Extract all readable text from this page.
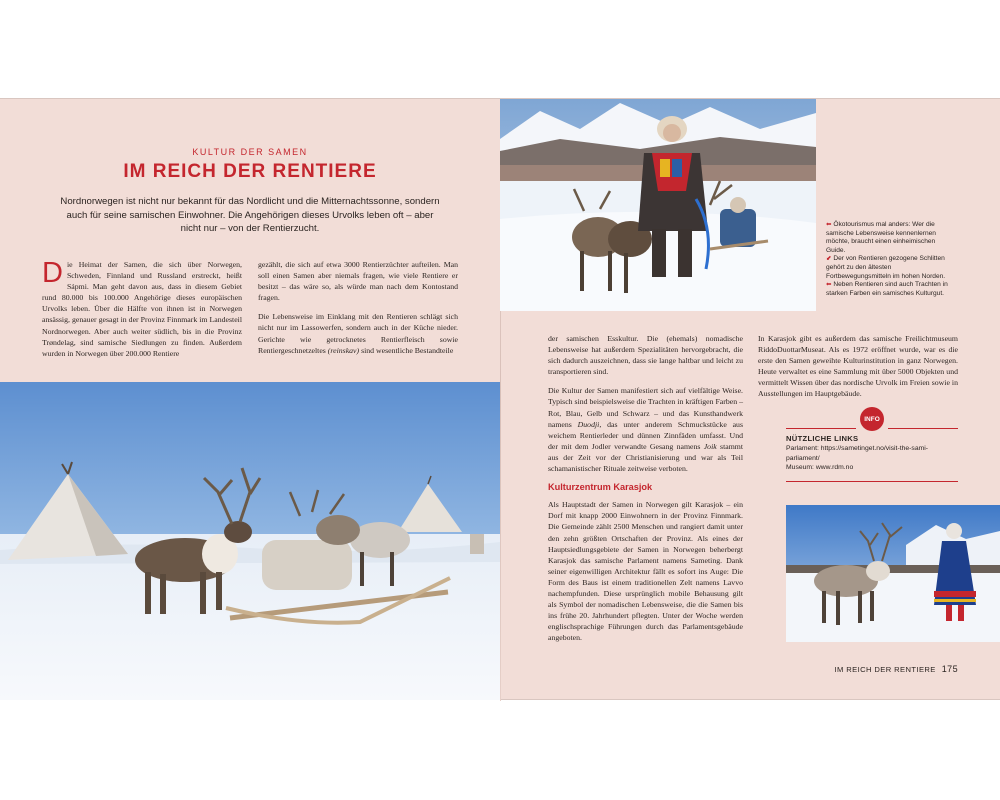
KULTUR DER SAMEN
IM REICH DER RENTIERE
Nordnorwegen ist nicht nur bekannt für das Nordlicht und die Mitternachtssonne, sondern auch für seine samischen Einwohner. Die Angehörigen dieses Urvolks leben oft – aber nicht nur – von der Rentierzucht.

Die Heimat der Samen, die sich über Norwegen, Schweden, Finnland und Russland erstreckt, heißt Sápmi. Man geht davon aus, dass in diesem Gebiet rund 80.000 bis 100.000 Angehörige dieses europäischen Urvolks leben. Über die Hälfte von ihnen ist in Norwegen ansässig, genauer gesagt in der Provinz Finnmark im Landesteil Nordnorwegen. Aber auch weiter südlich, bis in die Provinz Trøndelag, sind samische Siedlungen zu finden. Außerdem wurden in Norwegen über 200.000 Rentiere

gezählt, die sich auf etwa 3000 Rentierzüchter aufteilen. Man soll einen Samen aber niemals fragen, wie viele Rentiere er besitzt – das wäre so, als würde man nach dem Kontostand fragen.

Die Lebensweise im Einklang mit den Rentieren schlägt sich nicht nur im Lassowerfen, sondern auch in der Küche nieder. Gerichte wie getrocknetes Rentierfleisch sowie Rentiergeschnetzeltes (reinskav) sind wesentliche Bestandteile

⬅ Ökotourismus mal anders: Wer die samische Lebensweise kennenlernen möchte, braucht einen einheimischen Guide.
⬋ Der von Rentieren gezogene Schlitten gehört zu den ältesten Fortbewegungsmitteln im hohen Norden.
⬅ Neben Rentieren sind auch Trachten in starken Farben ein samisches Kulturgut.

der samischen Esskultur. Die (ehemals) nomadische Lebensweise hat außerdem Spezialitäten hervorgebracht, die sich dadurch auszeichnen, dass sie lange haltbar und leicht zu transportieren sind.

Die Kultur der Samen manifestiert sich auf vielfältige Weise. Typisch sind beispielsweise die Trachten in kräftigen Farben – Rot, Blau, Gelb und Schwarz – und das Kunsthandwerk namens Duodji, das unter anderem Schmuckstücke aus weichem Rentierleder und dünnen Zinnfäden umfasst. Und der mit dem Jodler verwandte Gesang namens Joik stammt aus der Zeit vor der Christianisierung und war als Teil schamanistischer Rituale zeitweise verboten.

Kulturzentrum Karasjok

Als Hauptstadt der Samen in Norwegen gilt Karasjok – ein Dorf mit knapp 2000 Einwohnern in der Provinz Finnmark. Die Gemeinde zählt 2500 Menschen und rangiert damit unter den zehn größten Ortschaften der Provinz. Als eines der Hauptsiedlungsgebiete der Samen in Norwegen beherbergt Karasjok das samische Parlament namens Sameting. Dank seiner eigenwilligen Architektur fällt es sofort ins Auge: Die Form des Baus ist einem traditionellen Zelt namens Lavvo nachempfunden. Diese ursprünglich mobile Behausung gilt als Symbol der nomadischen Lebensweise, die die Samen bis ins frühe 20. Jahrhundert pflegten. Unter der Woche werden englischsprachige Führungen durch das Parlamentsgebäude angeboten.

In Karasjok gibt es außerdem das samische Freilichtmuseum RiddoDuottarMuseat. Als es 1972 eröffnet wurde, war es die erste den Samen geweihte Kulturinstitution in ganz Norwegen. Heute verwaltet es eine Sammlung mit über 5000 Objekten und vermittelt Wissen über das nordische Urvolk im Freien sowie in Ausstellungen im Hauptgebäude.

INFO
NÜTZLICHE LINKS
Parlament: https://sametinget.no/visit-the-sami-parliament/
Museum: www.rdm.no
IM REICH DER RENTIERE 175
